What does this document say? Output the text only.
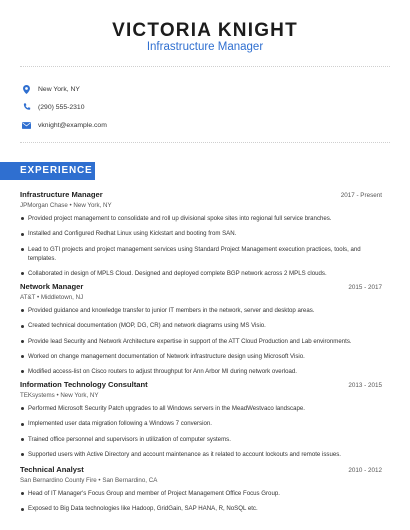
VICTORIA KNIGHT
Infrastructure Manager
New York, NY
(290) 555-2310
vknight@example.com
EXPERIENCE
Infrastructure Manager	2017 - Present
JPMorgan Chase • New York, NY
Provided project management to consolidate and roll up divisional spoke sites into regional full service branches.
Installed and Configured Redhat Linux using Kickstart and booting from SAN.
Lead to GTI projects and project management services using Standard Project Management execution practices, tools, and templates.
Collaborated in design of MPLS Cloud. Designed and deployed complete BGP network across 2 MPLS clouds.
Network Manager	2015 - 2017
AT&T • Middletown, NJ
Provided guidance and knowledge transfer to junior IT members in the network, server and desktop areas.
Created technical documentation (MOP, DG, CR) and network diagrams using MS Visio.
Provide lead Security and Network Architecture expertise in support of the ATT Cloud Production and Lab environments.
Worked on change management documentation of Network infrastructure design using Microsoft Visio.
Modified access-list on Cisco routers to adjust throughput for Ann Arbor MI during network overload.
Information Technology Consultant	2013 - 2015
TEKsystems • New York, NY
Performed Microsoft Security Patch upgrades to all Windows servers in the MeadWestvaco landscape.
Implemented user data migration following a Windows 7 conversion.
Trained office personnel and supervisors in utilization of computer systems.
Supported users with Active Directory and account maintenance as it related to account lockouts and remote issues.
Technical Analyst	2010 - 2012
San Bernardino County Fire • San Bernardino, CA
Head of IT Manager's Focus Group and member of Project Management Office Focus Group.
Exposed to Big Data technologies like Hadoop, GridGain, SAP HANA, R, NoSQL etc.
